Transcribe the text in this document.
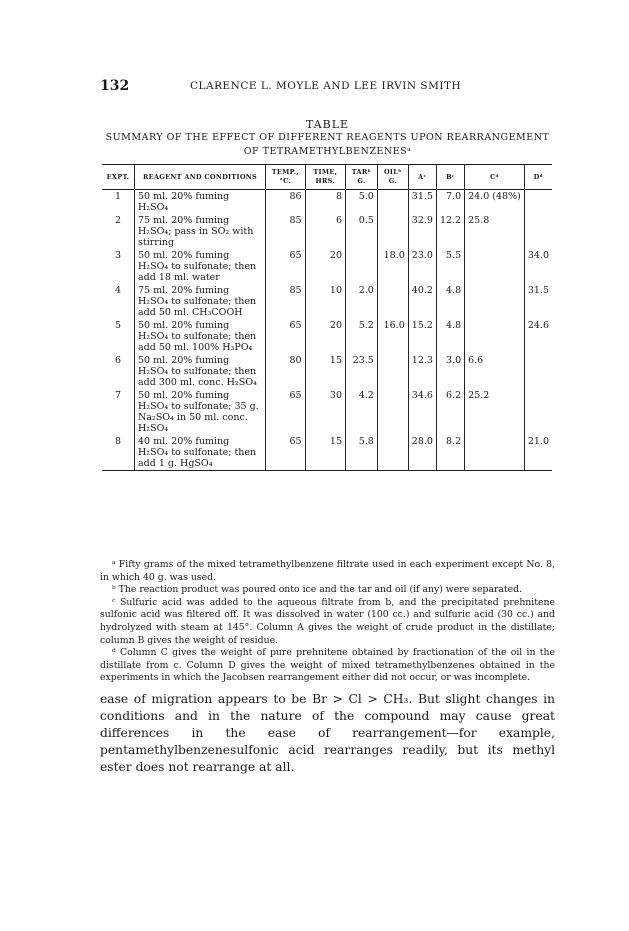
132	CLARENCE L. MOYLE AND LEE IRVIN SMITH
TABLE
SUMMARY OF THE EFFECT OF DIFFERENT REAGENTS UPON REARRANGEMENT OF TETRAMETHYLBENZENESᵃ
EXPT.	REAGENT AND CONDITIONS	TEMP., °C.	TIME, HRS.	TARᵇ G.	OILᵇ G.	Aᶜ	Bᶜ	Cᵈ	Dᵈ
1	50 ml. 20% fuming H₂SO₄	86	8	5.0		31.5	7.0	24.0 (48%)	
2	75 ml. 20% fuming H₂SO₄; pass in SO₂ with stirring	85	6	0.5		32.9	12.2	25.8	
3	50 ml. 20% fuming H₂SO₄ to sulfonate; then add 18 ml. water	65	20		18.0	23.0	5.5		34.0
4	75 ml. 20% fuming H₂SO₄ to sulfonate; then add 50 ml. CH₃COOH	85	10	2.0		40.2	4.8		31.5
5	50 ml. 20% fuming H₂SO₄ to sulfonate; then add 50 ml. 100% H₃PO₄	65	20	5.2	16.0	15.2	4.8		24.6
6	50 ml. 20% fuming H₂SO₄ to sulfonate; then add 300 ml. conc. H₂SO₄	80	15	23.5		12.3	3.0	6.6	
7	50 ml. 20% fuming H₂SO₄ to sulfonate; 35 g. Na₂SO₄ in 50 ml. conc. H₂SO₄	65	30	4.2		34.6	6.2	25.2	
8	40 ml. 20% fuming H₂SO₄ to sulfonate; then add 1 g. HgSO₄	65	15	5.8		28.0	8.2		21.0

ᵃ Fifty grams of the mixed tetramethylbenzene filtrate used in each experiment except No. 8, in which 40 g. was used.

ᵇ The reaction product was poured onto ice and the tar and oil (if any) were separated.

ᶜ Sulfuric acid was added to the aqueous filtrate from b, and the precipitated prehnitene sulfonic acid was filtered off. It was dissolved in water (100 cc.) and sulfuric acid (30 cc.) and hydrolyzed with steam at 145°. Column A gives the weight of crude product in the distillate; column B gives the weight of residue.

ᵈ Column C gives the weight of pure prehnitene obtained by fractionation of the oil in the distillate from c. Column D gives the weight of mixed tetramethylbenzenes obtained in the experiments in which the Jacobsen rearrangement either did not occur, or was incomplete.

ease of migration appears to be Br > Cl > CH₃. But slight changes in conditions and in the nature of the compound may cause great differences in the ease of rearrangement—for example, pentamethylbenzenesulfonic acid rearranges readily, but its methyl ester does not rearrange at all.
